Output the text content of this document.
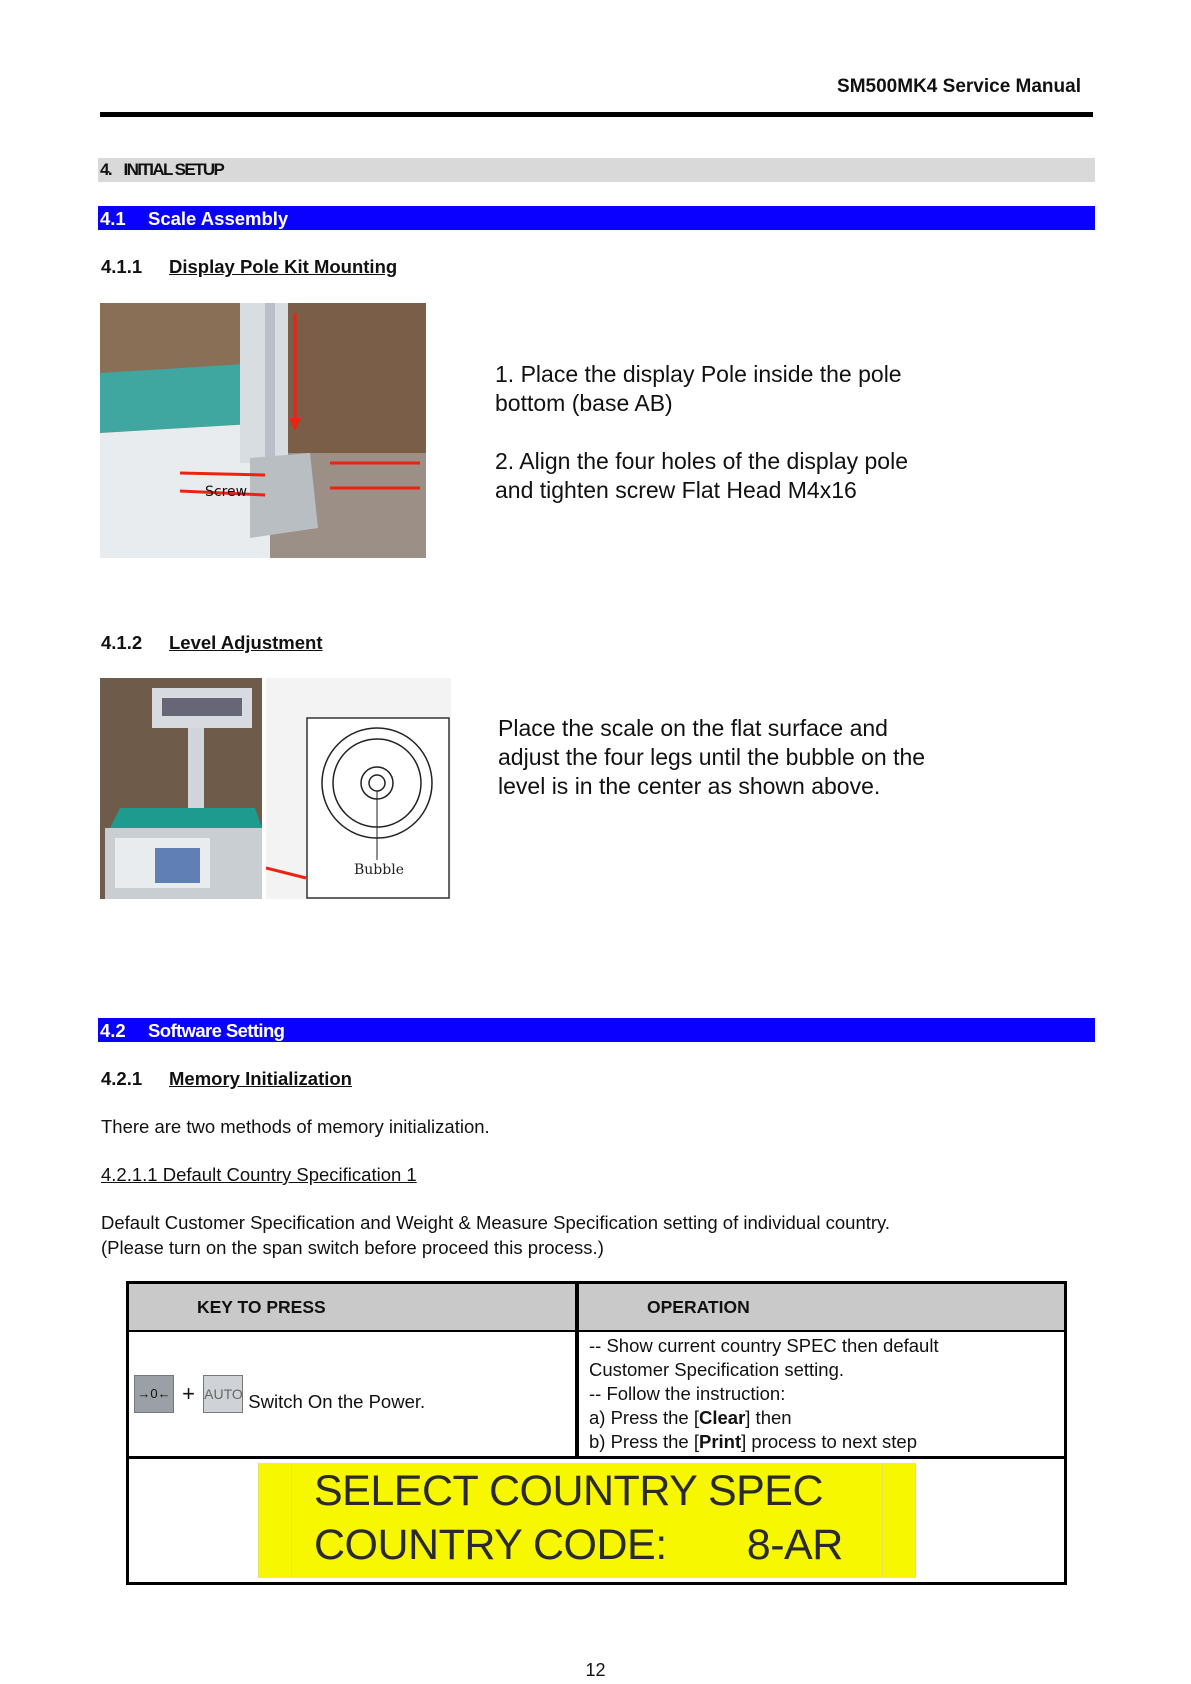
SM500MK4 Service Manual
4. INITIAL SETUP
4.1 Scale Assembly
4.1.1 Display Pole Kit Mounting
Screw
1. Place the display Pole inside the pole
bottom (base AB)

2. Align the four holes of the display pole
and tighten screw Flat Head M4x16
4.1.2 Level Adjustment
Bubble
Place the scale on the flat surface and
adjust the four legs until the bubble on the
level is in the center as shown above.
4.2 Software Setting
4.2.1 Memory Initialization
There are two methods of memory initialization.
4.2.1.1 Default Country Specification 1
Default Customer Specification and Weight & Measure Specification setting of individual country.
(Please turn on the span switch before proceed this process.)
KEY TO PRESS	OPERATION

→0← + AUTO Switch On the Power.	-- Show current country SPEC then default
Customer Specification setting.
-- Follow the instruction:
a) Press the [Clear] then
b) Press the [Print] process to next step

SELECT COUNTRY SPEC
COUNTRY CODE:       8-AR	
12
